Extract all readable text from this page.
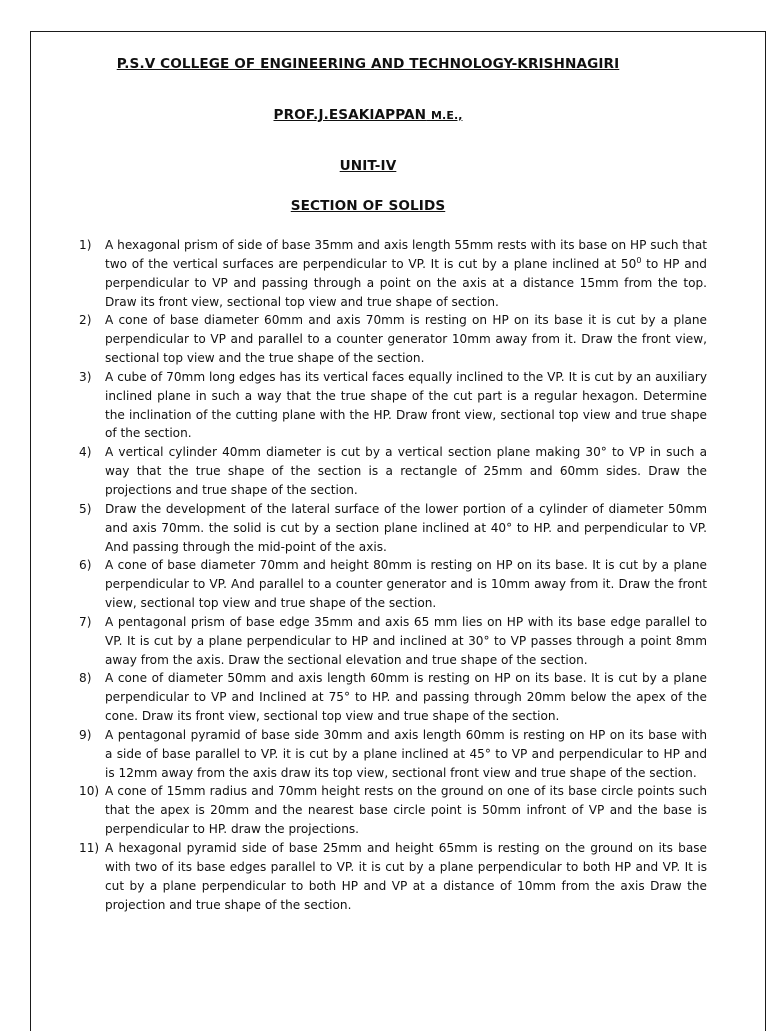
P.S.V COLLEGE OF ENGINEERING AND TECHNOLOGY-KRISHNAGIRI
PROF.J.ESAKIAPPAN M.E.,
UNIT-IV
SECTION OF SOLIDS
1)	A hexagonal prism of side of base 35mm and axis length 55mm rests with its base on HP such that two of the vertical surfaces are perpendicular to VP. It is cut by a plane inclined at $50^0$ to HP and perpendicular to VP and passing through a point on the axis at a distance 15mm from the top. Draw its front view, sectional top view and true shape of section.
2)	A cone of base diameter 60mm and axis 70mm is resting on HP on its base it is cut by a plane perpendicular to VP and parallel to a counter generator 10mm away from it. Draw the front view, sectional top view and the true shape of the section.
3)	A cube of 70mm long edges has its vertical faces equally inclined to the VP. It is cut by an auxiliary inclined plane in such a way that the true shape of the cut part is a regular hexagon. Determine the inclination of the cutting plane with the HP. Draw front view, sectional top view and true shape of the section.
4)	A vertical cylinder 40mm diameter is cut by a vertical section plane making 30° to VP in such a way that the true shape of the section is a rectangle of 25mm and 60mm sides. Draw the projections and true shape of the section.
5)	Draw the development of the lateral surface of the lower portion of a cylinder of diameter 50mm and axis 70mm. the solid is cut by a section plane inclined at 40° to HP. and perpendicular to VP. And passing through the mid-point of the axis.
6)	A cone of base diameter 70mm and height 80mm is resting on HP on its base. It is cut by a plane perpendicular to VP. And parallel to a counter generator and is 10mm away from it. Draw the front view, sectional top view and true shape of the section.
7)	A pentagonal prism of base edge 35mm and axis 65 mm lies on HP with its base edge parallel to VP. It is cut by a plane perpendicular to HP and inclined at 30° to VP passes through a point 8mm away from the axis. Draw the sectional elevation and true shape of the section.
8)	A cone of diameter 50mm and axis length 60mm is resting on HP on its base. It is cut by a plane perpendicular to VP and Inclined at 75° to HP. and passing through 20mm below the apex of the cone. Draw its front view, sectional top view and true shape of the section.
9)	A pentagonal pyramid of base side 30mm and axis length 60mm is resting on HP on its base with a side of base parallel to VP. it is cut by a plane inclined at 45° to VP and perpendicular to HP and is 12mm away from the axis draw its top view, sectional front view and true shape of the section.
10) A cone of 15mm radius and 70mm height rests on the ground on one of its base circle points such that the apex is 20mm and the nearest base circle point is 50mm infront of VP and the base is perpendicular to HP. draw the projections.
11) A hexagonal pyramid side of base 25mm and height 65mm is resting on the ground on its base with two of its base edges parallel to VP. it is cut by a plane perpendicular to both HP and VP. It is cut by a plane perpendicular to both HP and VP at a distance of 10mm from the axis Draw the projection and true shape of the section.
